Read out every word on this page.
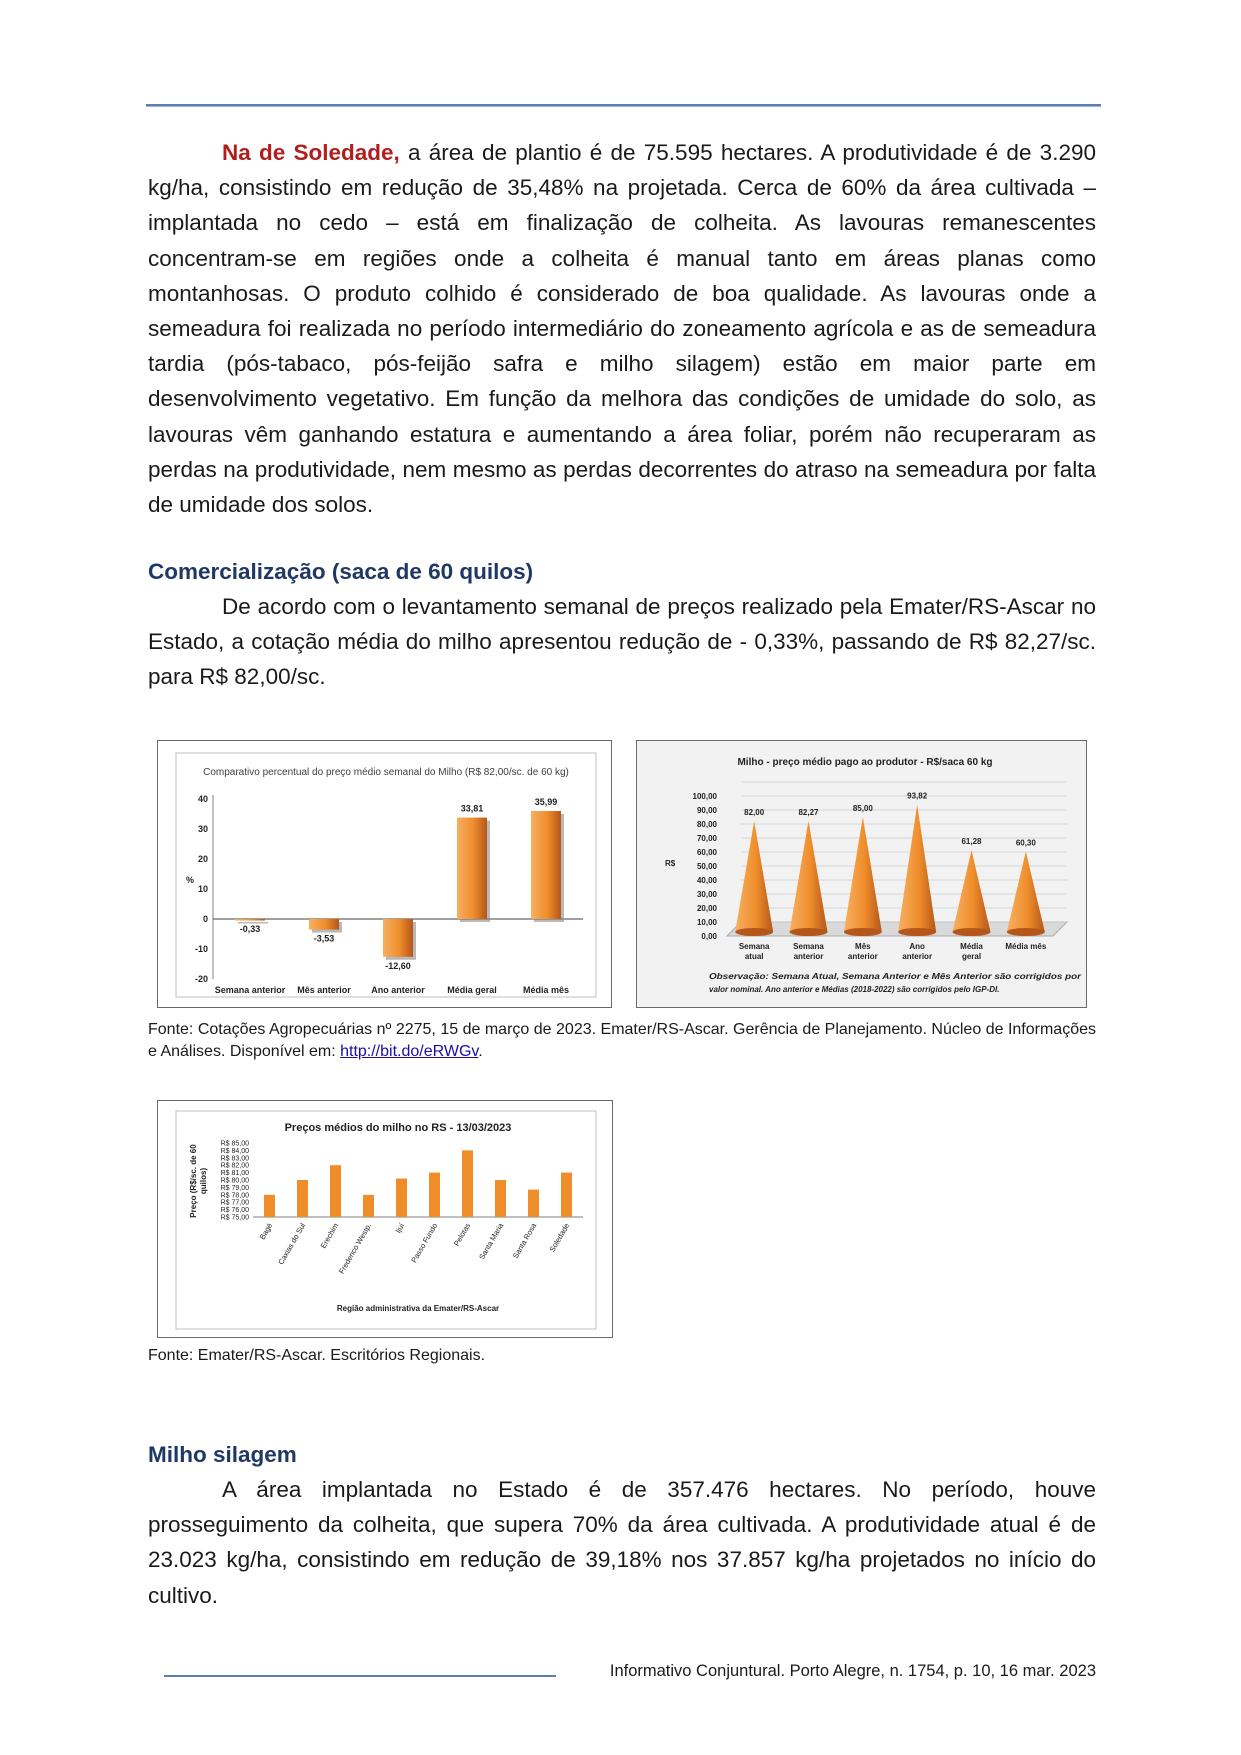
Na de Soledade, a área de plantio é de 75.595 hectares. A produtividade é de 3.290 kg/ha, consistindo em redução de 35,48% na projetada. Cerca de 60% da área cultivada – implantada no cedo – está em finalização de colheita. As lavouras remanescentes concentram-se em regiões onde a colheita é manual tanto em áreas planas como montanhosas. O produto colhido é considerado de boa qualidade. As lavouras onde a semeadura foi realizada no período intermediário do zoneamento agrícola e as de semeadura tardia (pós-tabaco, pós-feijão safra e milho silagem) estão em maior parte em desenvolvimento vegetativo. Em função da melhora das condições de umidade do solo, as lavouras vêm ganhando estatura e aumentando a área foliar, porém não recuperaram as perdas na produtividade, nem mesmo as perdas decorrentes do atraso na semeadura por falta de umidade dos solos.

Comercialização (saca de 60 quilos)

De acordo com o levantamento semanal de preços realizado pela Emater/RS-Ascar no Estado, a cotação média do milho apresentou redução de - 0,33%, passando de R$ 82,27/sc. para R$ 82,00/sc.

Comparativo percentual do preço médio semanal do Milho (R$ 82,00/sc. de 60 kg)
40
30
20
10
0
-10
-20
%
-0,33
Semana anterior
-3,53
Mês anterior
-12,60
Ano anterior
33,81
Média geral
35,99
Média mês
Milho - preço médio pago ao produtor - R$/saca 60 kg
100,00
90,00
80,00
70,00
60,00
50,00
40,00
30,00
20,00
10,00
0,00
R$
82,00
Semana
atual
82,27
Semana
anterior
85,00
Mês
anterior
93,82
Ano
anterior
61,28
Média
geral
60,30
Média mês
Observação: Semana Atual, Semana Anterior e Mês Anterior são corrigidos por
valor nominal. Ano anterior e Médias (2018-2022) são corrigidos pelo IGP-DI.
Fonte: Cotações Agropecuárias nº 2275, 15 de março de 2023. Emater/RS-Ascar. Gerência de Planejamento. Núcleo de Informações e Análises. Disponível em: http://bit.do/eRWGv.
Preços médios do milho no RS - 13/03/2023
R$ 85,00
R$ 84,00
R$ 83,00
R$ 82,00
R$ 81,00
R$ 80,00
R$ 79,00
R$ 78,00
R$ 77,00
R$ 76,00
R$ 75,00
Preço (R$/sc. de 60quilos)
Bagé Caxias do Sul Erechim
Frederico Westp.	Ijuí Passo Fundo Pelotas Santa Maria Santa Rosa Soledade
Região administrativa da Emater/RS-Ascar
Fonte: Emater/RS-Ascar. Escritórios Regionais.
Milho silagem

A área implantada no Estado é de 357.476 hectares. No período, houve prosseguimento da colheita, que supera 70% da área cultivada. A produtividade atual é de 23.023 kg/ha, consistindo em redução de 39,18% nos 37.857 kg/ha projetados no início do cultivo.

Informativo Conjuntural. Porto Alegre, n. 1754, p. 10, 16 mar. 2023
